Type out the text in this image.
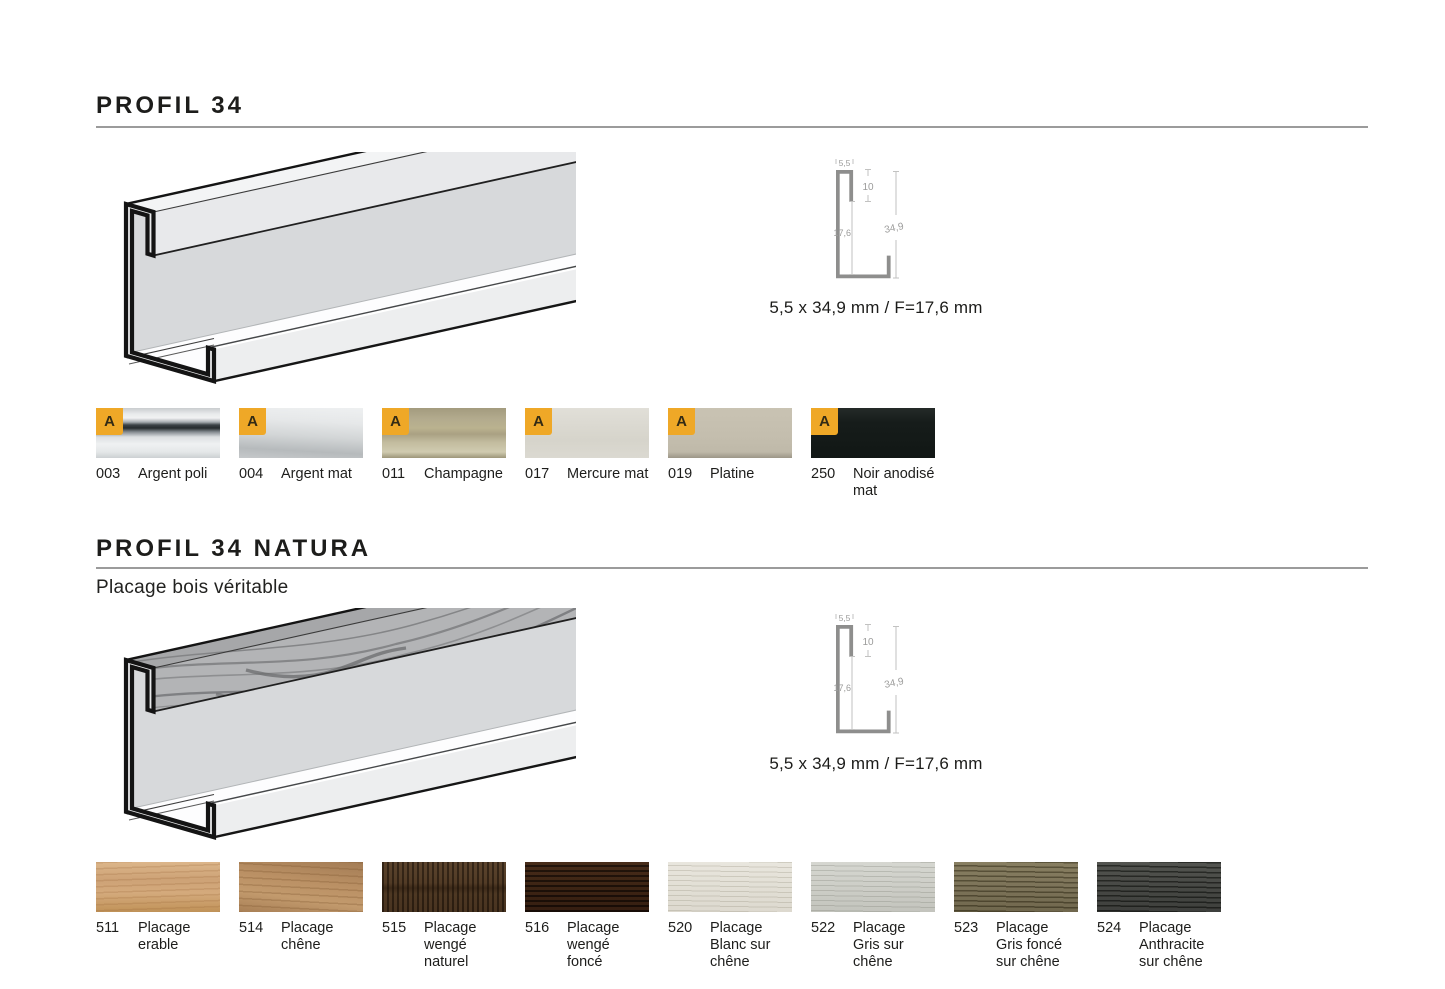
PROFIL 34
5,5
10
17,6	34,9
5,5 x 34,9 mm / F=17,6 mm
A
003	Argent poli
A
004	Argent mat
A
011	Champagne
A
017	Mercure mat
A
019	Platine
A
250	Noir anodisé mat
PROFIL 34 NATURA
Placage bois véritable
5,5
10
17,6	34,9
5,5 x 34,9 mm / F=17,6 mm
511	Placage erable
514	Placage chêne
515	Placage wengé naturel
516	Placage wengé foncé
520	Placage Blanc sur chêne
522	Placage Gris sur chêne
523	Placage Gris foncé sur chêne
524	Placage Anthracite sur chêne
